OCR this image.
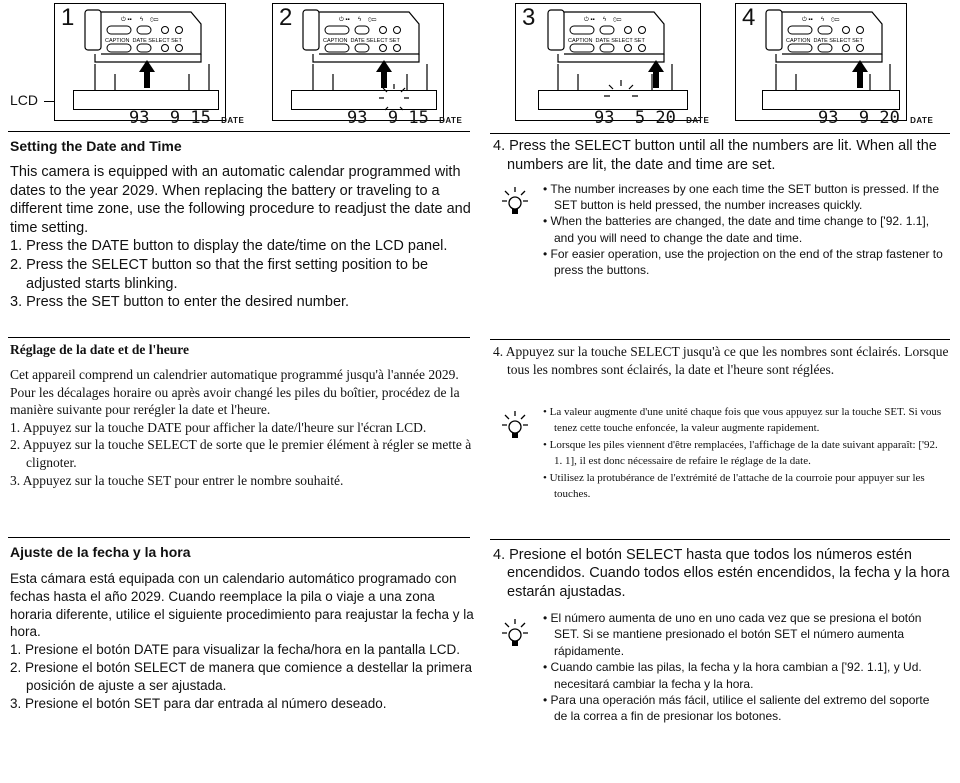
LCD
1	⏻ ▪▪     ϟ    ⊙▭
CAPTION  DATE SELECT SET

93  9 15 DATE

2	⏻ ▪▪     ϟ    ⊙▭
CAPTION  DATE SELECT SET

93  9 15 DATE

3	⏻ ▪▪     ϟ    ⊙▭
CAPTION  DATE SELECT SET

93  5 20 DATE

4	⏻ ▪▪     ϟ    ⊙▭
CAPTION  DATE SELECT SET

93  9 20 DATE

Setting the Date and Time

This camera is equipped with an automatic calendar programmed with dates to the year 2029. When replacing the battery or traveling to a different time zone, use the following procedure to readjust the date and time setting.

1. Press the DATE button to display the date/time on the LCD panel.

2. Press the SELECT button so that the first setting position to be adjusted starts blinking.

3. Press the SET button to enter the desired number.

4. Press the SELECT button until all the numbers are lit. When all the numbers are lit, the date and time are set.

• The number increases by one each time the SET button is pressed. If the SET button is held pressed, the number increases quickly.

• When the batteries are changed, the date and time change to ['92. 1.1], and you will need to change the date and time.

• For easier operation, use the projection on the end of the strap fastener to press the buttons.

Réglage de la date et de l'heure

Cet appareil comprend un calendrier automatique programmé jusqu'à l'année 2029. Pour les décalages horaire ou après avoir changé les piles du boîtier, procédez de la manière suivante pour rerégler la date et l'heure.

1. Appuyez sur la touche DATE pour afficher la date/l'heure sur l'écran LCD.

2. Appuyez sur la touche SELECT de sorte que le premier élément à régler se mette à clignoter.

3. Appuyez sur la touche SET pour entrer le nombre souhaité.

4. Appuyez sur la touche SELECT jusqu'à ce que les nombres sont éclairés. Lorsque tous les nombres sont éclairés, la date et l'heure sont réglées.

• La valeur augmente d'une unité chaque fois que vous appuyez sur la touche SET. Si vous tenez cette touche enfoncée, la valeur augmente rapidement.

• Lorsque les piles viennent d'être remplacées, l'affichage de la date suivant apparaît: ['92. 1. 1], il est donc nécessaire de refaire le réglage de la date.

• Utilisez la protubérance de l'extrémité de l'attache de la courroie pour appuyer sur les touches.

Ajuste de la fecha y la hora

Esta cámara está equipada con un calendario automático programado con fechas hasta el año 2029. Cuando reemplace la pila o viaje a una zona horaria diferente, utilice el siguiente procedimiento para reajustar la fecha y la hora.

1. Presione el botón DATE para visualizar la fecha/hora en la pantalla LCD.

2. Presione el botón SELECT de manera que comience a destellar la primera posición de ajuste a ser ajustada.

3. Presione el botón SET para dar entrada al número deseado.

4. Presione el botón SELECT hasta que todos los números estén encendidos. Cuando todos ellos estén encendidos, la fecha y la hora estarán ajustadas.

• El número aumenta de uno en uno cada vez que se presiona el botón SET. Si se mantiene presionado el botón SET el número aumenta rápidamente.

• Cuando cambie las pilas, la fecha y la hora cambian a ['92. 1.1], y Ud. necesitará cambiar la fecha y la hora.

• Para una operación más fácil, utilice el saliente del extremo del soporte de la correa a fin de presionar los botones.
